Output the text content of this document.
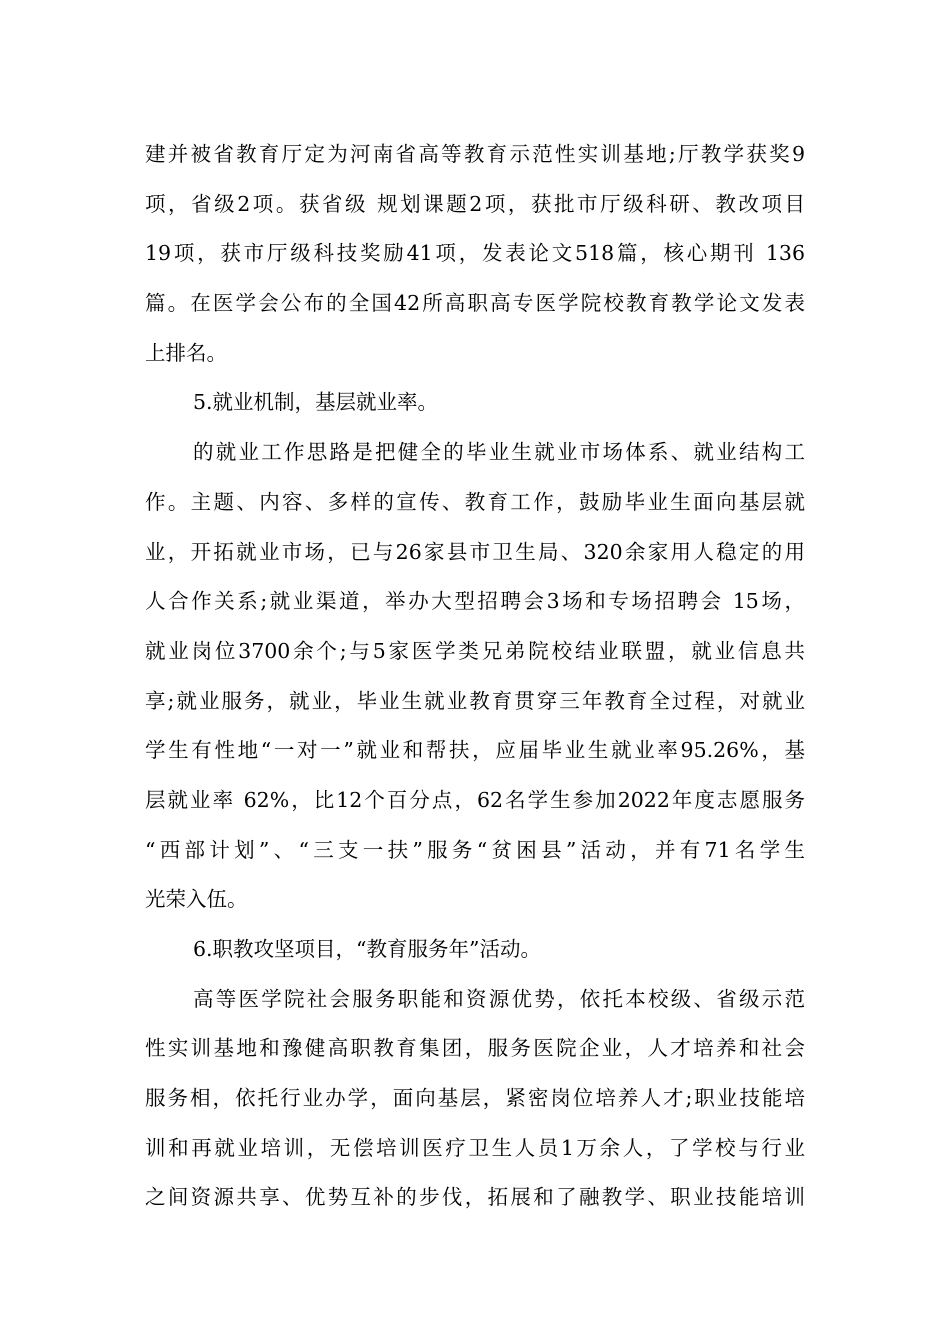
建并被省教育厅定为河南省高等教育示范性实训基地;厅教学获奖9
项，省级2项。获省级 规划课题2项，获批市厅级科研、教改项目
19项，获市厅级科技奖励41项，发表论文518篇，核心期刊 136
篇。在医学会公布的全国42所高职高专医学院校教育教学论文发表
上排名。
5.就业机制，基层就业率。
的就业工作思路是把健全的毕业生就业市场体系、就业结构工
作。主题、内容、多样的宣传、教育工作，鼓励毕业生面向基层就
业，开拓就业市场，已与26家县市卫生局、320余家用人稳定的用
人合作关系;就业渠道，举办大型招聘会3场和专场招聘会 15场，
就业岗位3700余个;与5家医学类兄弟院校结业联盟，就业信息共
享;就业服务，就业，毕业生就业教育贯穿三年教育全过程，对就业
学生有性地“一对一”就业和帮扶，应届毕业生就业率95.26%，基
层就业率 62%，比12个百分点，62名学生参加2022年度志愿服务
“西部计划”、“三支一扶”服务“贫困县”活动，并有71名学生
光荣入伍。
6.职教攻坚项目，“教育服务年”活动。
高等医学院社会服务职能和资源优势，依托本校级、省级示范
性实训基地和豫健高职教育集团，服务医院企业，人才培养和社会
服务相，依托行业办学，面向基层，紧密岗位培养人才;职业技能培
训和再就业培训，无偿培训医疗卫生人员1万余人，了学校与行业
之间资源共享、优势互补的步伐，拓展和了融教学、职业技能培训
